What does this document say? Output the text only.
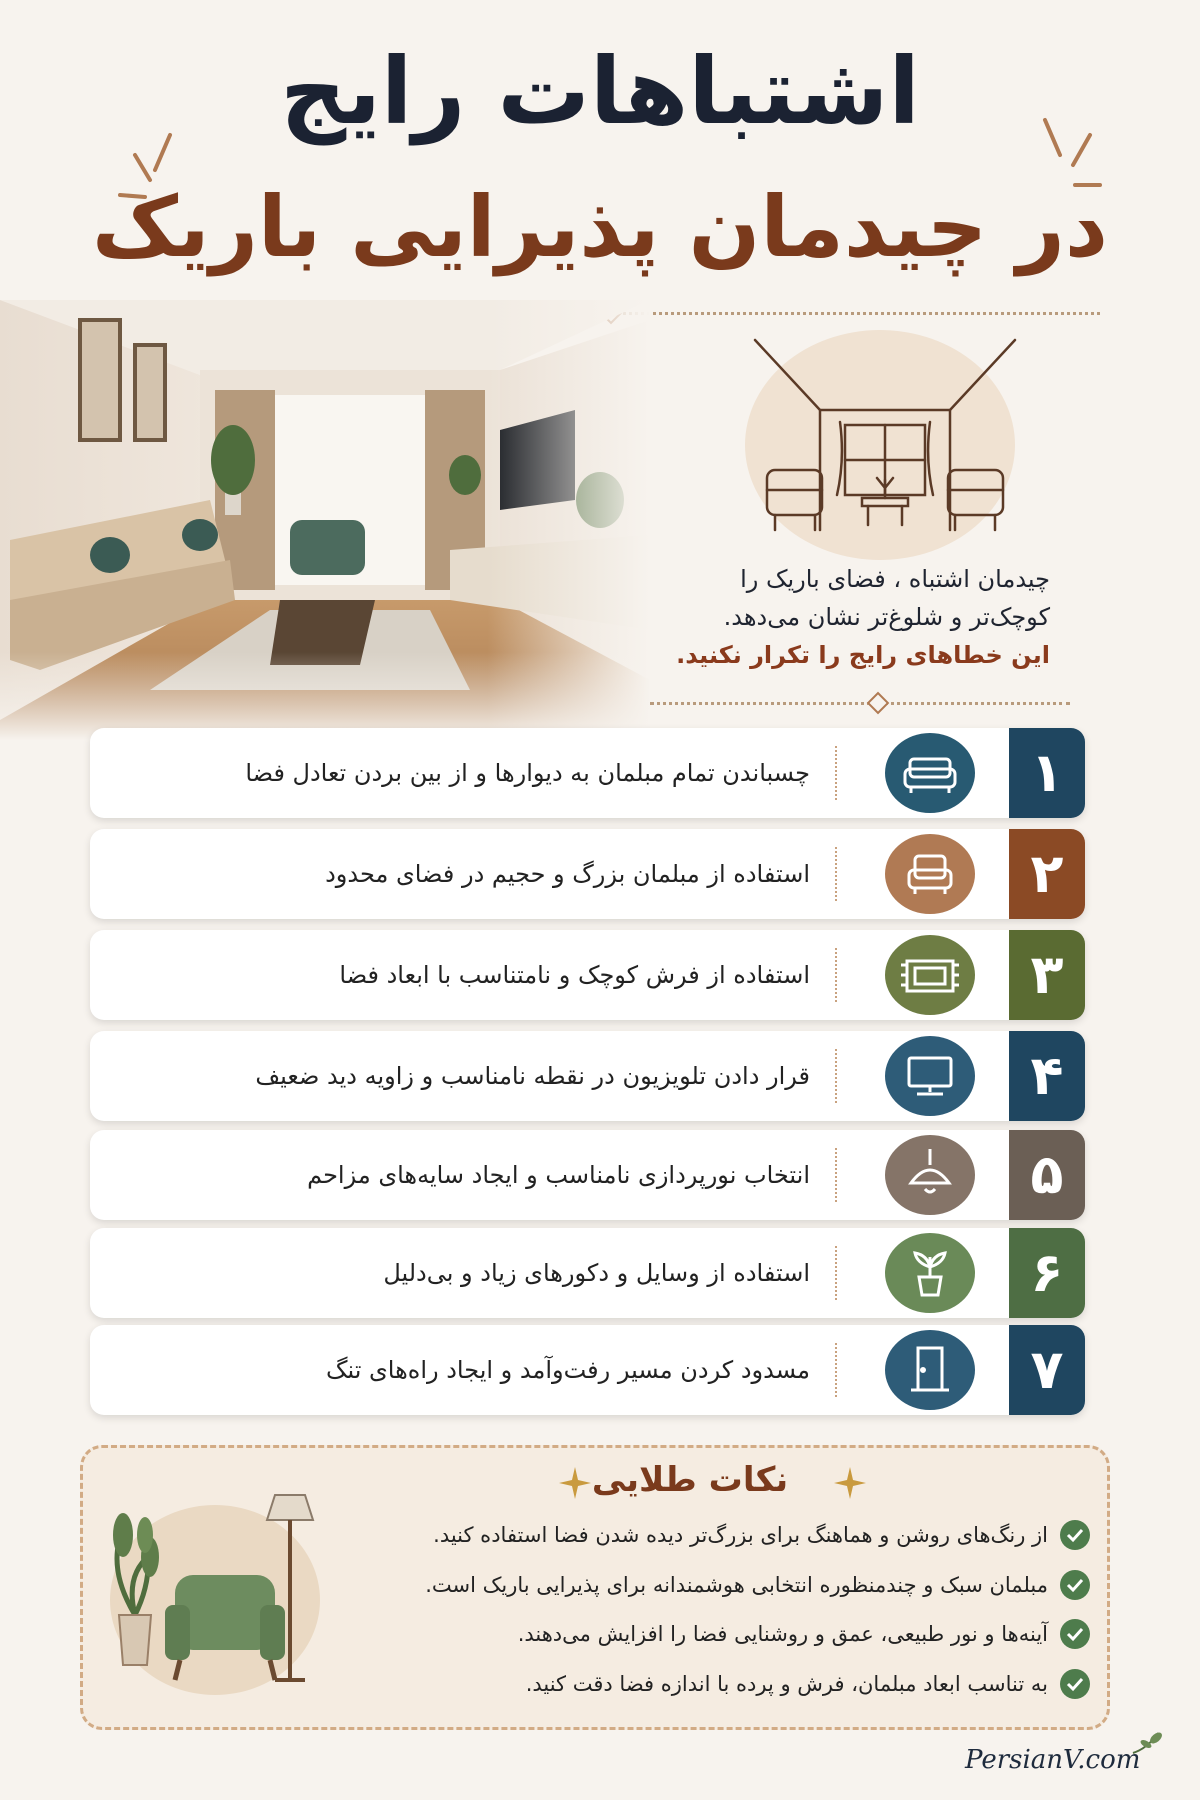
اشتباهات رایج
در چیدمان پذیرایی باریک
چیدمان اشتباه ، فضای باریک را
کوچک‌تر و شلوغ‌تر نشان می‌دهد.
این خطاهای رایج را تکرار نکنید.
۱
چسباندن تمام مبلمان به دیوارها و از بین بردن تعادل فضا
۲
استفاده از مبلمان بزرگ و حجیم در فضای محدود
۳
استفاده از فرش کوچک و نامتناسب با ابعاد فضا
۴
قرار دادن تلویزیون در نقطه نامناسب و زاویه دید ضعیف
۵
انتخاب نورپردازی نامناسب و ایجاد سایه‌های مزاحم
۶
استفاده از وسایل و دکورهای زیاد و بی‌دلیل
۷
مسدود کردن مسیر رفت‌وآمد و ایجاد راه‌های تنگ
نکات طلایی
از رنگ‌های روشن و هماهنگ برای بزرگ‌تر دیده شدن فضا استفاده کنید.
مبلمان سبک و چندمنظوره انتخابی هوشمندانه برای پذیرایی باریک است.
آینه‌ها و نور طبیعی، عمق و روشنایی فضا را افزایش می‌دهند.
به تناسب ابعاد مبلمان، فرش و پرده با اندازه فضا دقت کنید.
PersianV.com
